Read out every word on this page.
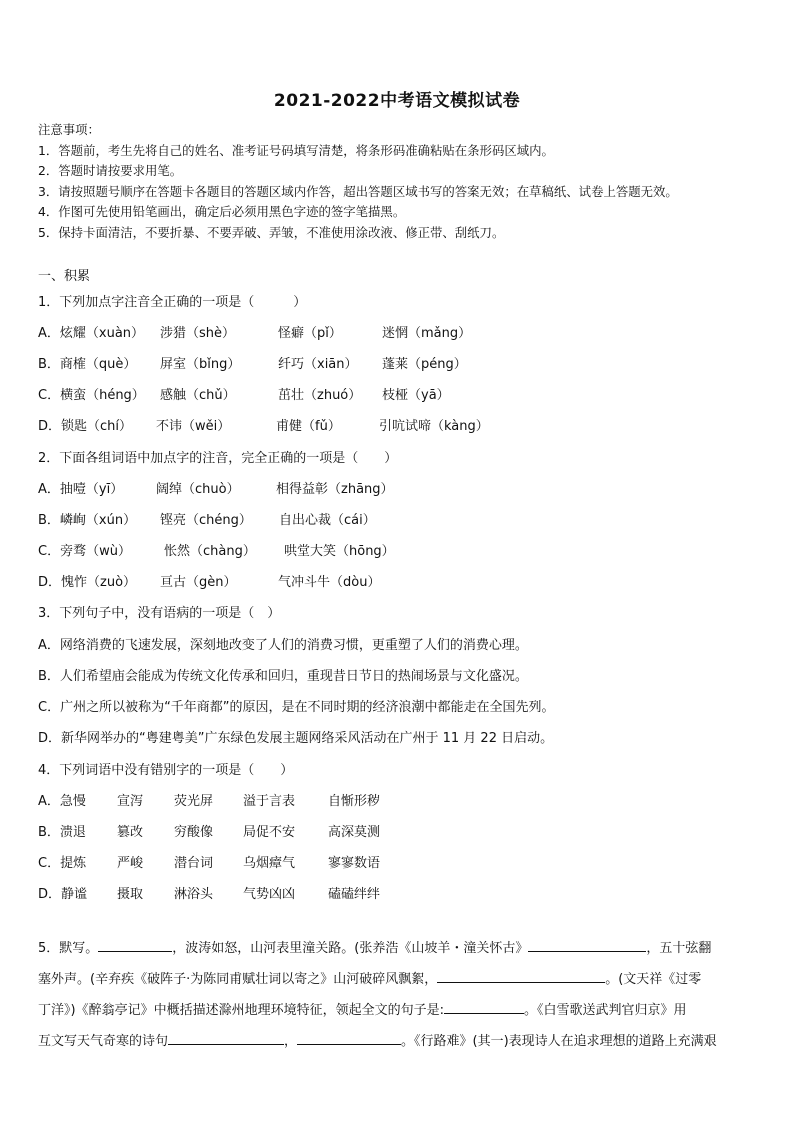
2021-2022中考语文模拟试卷
注意事项：
1．答题前，考生先将自己的姓名、准考证号码填写清楚，将条形码准确粘贴在条形码区域内。
2．答题时请按要求用笔。
3．请按照题号顺序在答题卡各题目的答题区域内作答，超出答题区域书写的答案无效；在草稿纸、试卷上答题无效。
4．作图可先使用铅笔画出，确定后必须用黑色字迹的签字笔描黑。
5．保持卡面清洁，不要折暴、不要弄破、弄皱，不准使用涂改液、修正带、刮纸刀。
一、积累
1．下列加点字注音全正确的一项是（　　　）
A．炫耀（xuàn） 涉猎（shè）	怪癖（pǐ）	迷惘（mǎng）
B．商榷（què） 屏室（bǐng）	纤巧（xiān） 蓬莱（péng）
C．横蛮（héng） 感触（chǔ）	茁壮（zhuó） 枝桠（yā）
D．锁匙（chí） 不讳（wěi）	甫健（fǔ）	引吭试啼（kàng）
2．下面各组词语中加点字的注音，完全正确的一项是（　　）
A．抽噎（yī）	阔绰（chuò）	相得益彰（zhāng）
B．嶙峋（xún） 铿亮（chéng） 自出心裁（cái）
C．旁骛（wù）	怅然（chàng） 哄堂大笑（hōng）
D．愧怍（zuò） 亘古（gèn）	气冲斗牛（dòu）
3．下列句子中，没有语病的一项是（　）
A．网络消费的飞速发展，深刻地改变了人们的消费习惯，更重塑了人们的消费心理。
B．人们希望庙会能成为传统文化传承和回归，重现昔日节日的热闹场景与文化盛况。
C．广州之所以被称为“千年商都”的原因，是在不同时期的经济浪潮中都能走在全国先列。
D．新华网举办的“粤建粤美”广东绿色发展主题网络采风活动在广州于 11 月 22 日启动。
4．下列词语中没有错别字的一项是（　　）
A．急慢 宣泻 荧光屏 溢于言表	自惭形秽
B．溃退 篡改 穷酸像 局促不安	高深莫测
C．提炼 严峻 潜台词 乌烟瘴气	寥寥数语
D．静谧 摄取 淋浴头 气势凶凶	磕磕绊绊
5．默写。	，波涛如怒，山河表里潼关路。(张养浩《山坡羊・潼关怀古》	，五十弦翻
塞外声。(辛弃疾《破阵子·为陈同甫赋壮词以寄之》山河破碎风飘絮，	。(文天祥《过零
丁洋》)《醉翁亭记》中概括描述滁州地理环境特征，领起全文的句子是:	。《白雪歌送武判官归京》用
互文写天气奇寒的诗句	，	。《行路难》(其一)表现诗人在追求理想的道路上充满艰
